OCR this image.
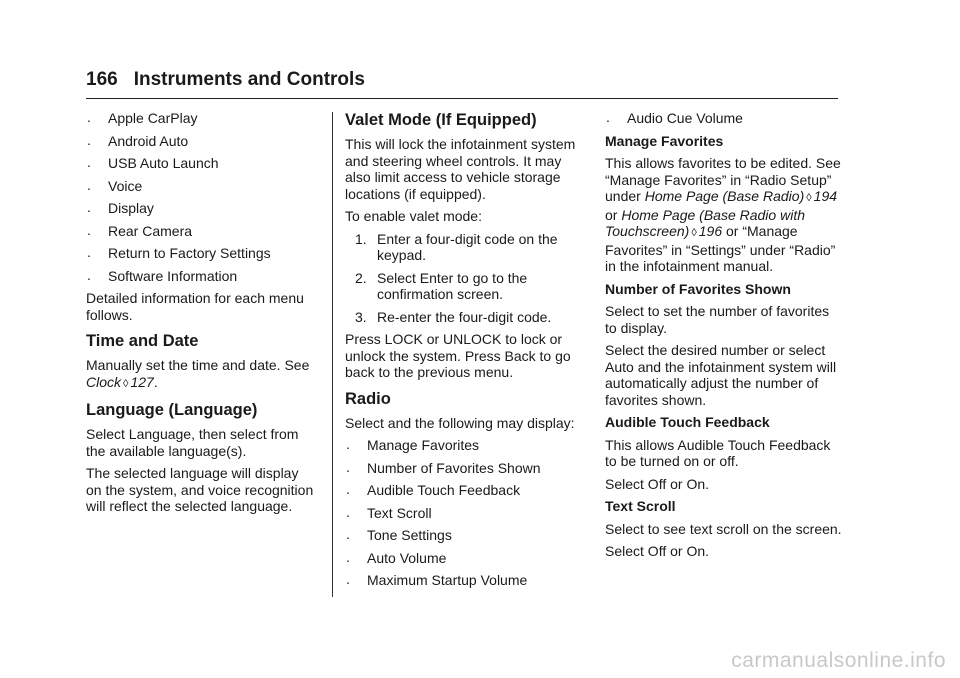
166 Instruments and Controls
. Apple CarPlay
. Android Auto
. USB Auto Launch
. Voice
. Display
. Rear Camera
. Return to Factory Settings
. Software Information

Detailed information for each menu follows.

Time and Date

Manually set the time and date. See Clock ◊ 127.

Language (Language)

Select Language, then select from the available language(s).

The selected language will display on the system, and voice recognition will reflect the selected language.

Valet Mode (If Equipped)

This will lock the infotainment system and steering wheel controls. It may also limit access to vehicle storage locations (if equipped).

To enable valet mode:

1. Enter a four-digit code on the keypad.
2. Select Enter to go to the confirmation screen.
3. Re-enter the four-digit code.

Press LOCK or UNLOCK to lock or unlock the system. Press Back to go back to the previous menu.

Radio

Select and the following may display:

. Manage Favorites
. Number of Favorites Shown
. Audible Touch Feedback
. Text Scroll
. Tone Settings
. Auto Volume
. Maximum Startup Volume
. Audio Cue Volume
Manage Favorites

This allows favorites to be edited. See “Manage Favorites” in “Radio Setup” under Home Page (Base Radio) ◊ 194 or Home Page (Base Radio with Touchscreen) ◊ 196 or “Manage Favorites” in “Settings” under “Radio” in the infotainment manual.

Number of Favorites Shown

Select to set the number of favorites to display.

Select the desired number or select Auto and the infotainment system will automatically adjust the number of favorites shown.

Audible Touch Feedback

This allows Audible Touch Feedback to be turned on or off.

Select Off or On.

Text Scroll

Select to see text scroll on the screen.

Select Off or On.

carmanualsonline.info
